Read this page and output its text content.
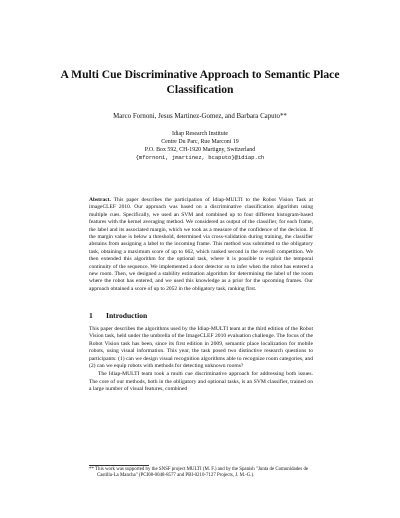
A Multi Cue Discriminative Approach to Semantic Place Classification
Marco Fornoni, Jesus Martinez-Gomez, and Barbara Caputo**
Idiap Research Institute
Centre Du Parc, Rue Marconi 19
P.O. Box 592, CH-1920 Martigny, Switzerland
{mfornoni, jmartinez, bcaputo}@idiap.ch
Abstract. This paper describes the participation of Idiap-MULTI to the Robot Vision Task at imageCLEF 2010. Our approach was based on a discriminative classification algorithm using multiple cues. Specifically, we used an SVM and combined up to four different histogram-based features with the kernel averaging method. We considered as output of the classifier, for each frame, the label and its associated margin, which we took as a measure of the confidence of the decision. If the margin value is below a threshold, determined via cross-validation during training, the classifier abstains from assigning a label to the incoming frame. This method was submitted to the obligatory task, obtaining a maximum score of up to 662, which ranked second in the overall competition. We then extended this algorithm for the optional task, where it is possible to exploit the temporal continuity of the sequence. We implemented a door detector so to infer when the robot has entered a new room. Then, we designed a stability estimation algorithm for determining the label of the room where the robot has entered, and we used this knowledge as a prior for the upcoming frames. Our approach obtained a score of up to 2052 in the obligatory task, ranking first.
1 Introduction

This paper describes the algorithms used by the Idiap-MULTI team at the third edition of the Robot Vision task, held under the umbrella of the ImageCLEF 2010 evaluation challenge. The focus of the Robot Vision task has been, since its first edition in 2009, semantic place localization for mobile robots, using visual information. This year, the task posed two distinctive research questions to participants: (1) can we design visual recognition algorithms able to recognize room categories, and (2) can we equip robots with methods for detecting unknown rooms?

The Idiap-MULTI team took a multi cue discriminative approach for addressing both issues. The core of our methods, both in the obligatory and optional tasks, is an SVM classifier, trained on a large number of visual features, combined

** This work was supported by the SNSF project MULTI (M. F.) and by the Spanish "Junta de Comunidades de Castilla-La Mancha" (PCI08-0048-8577 and PBI-0210-7127 Projects, J. M.-G.).
